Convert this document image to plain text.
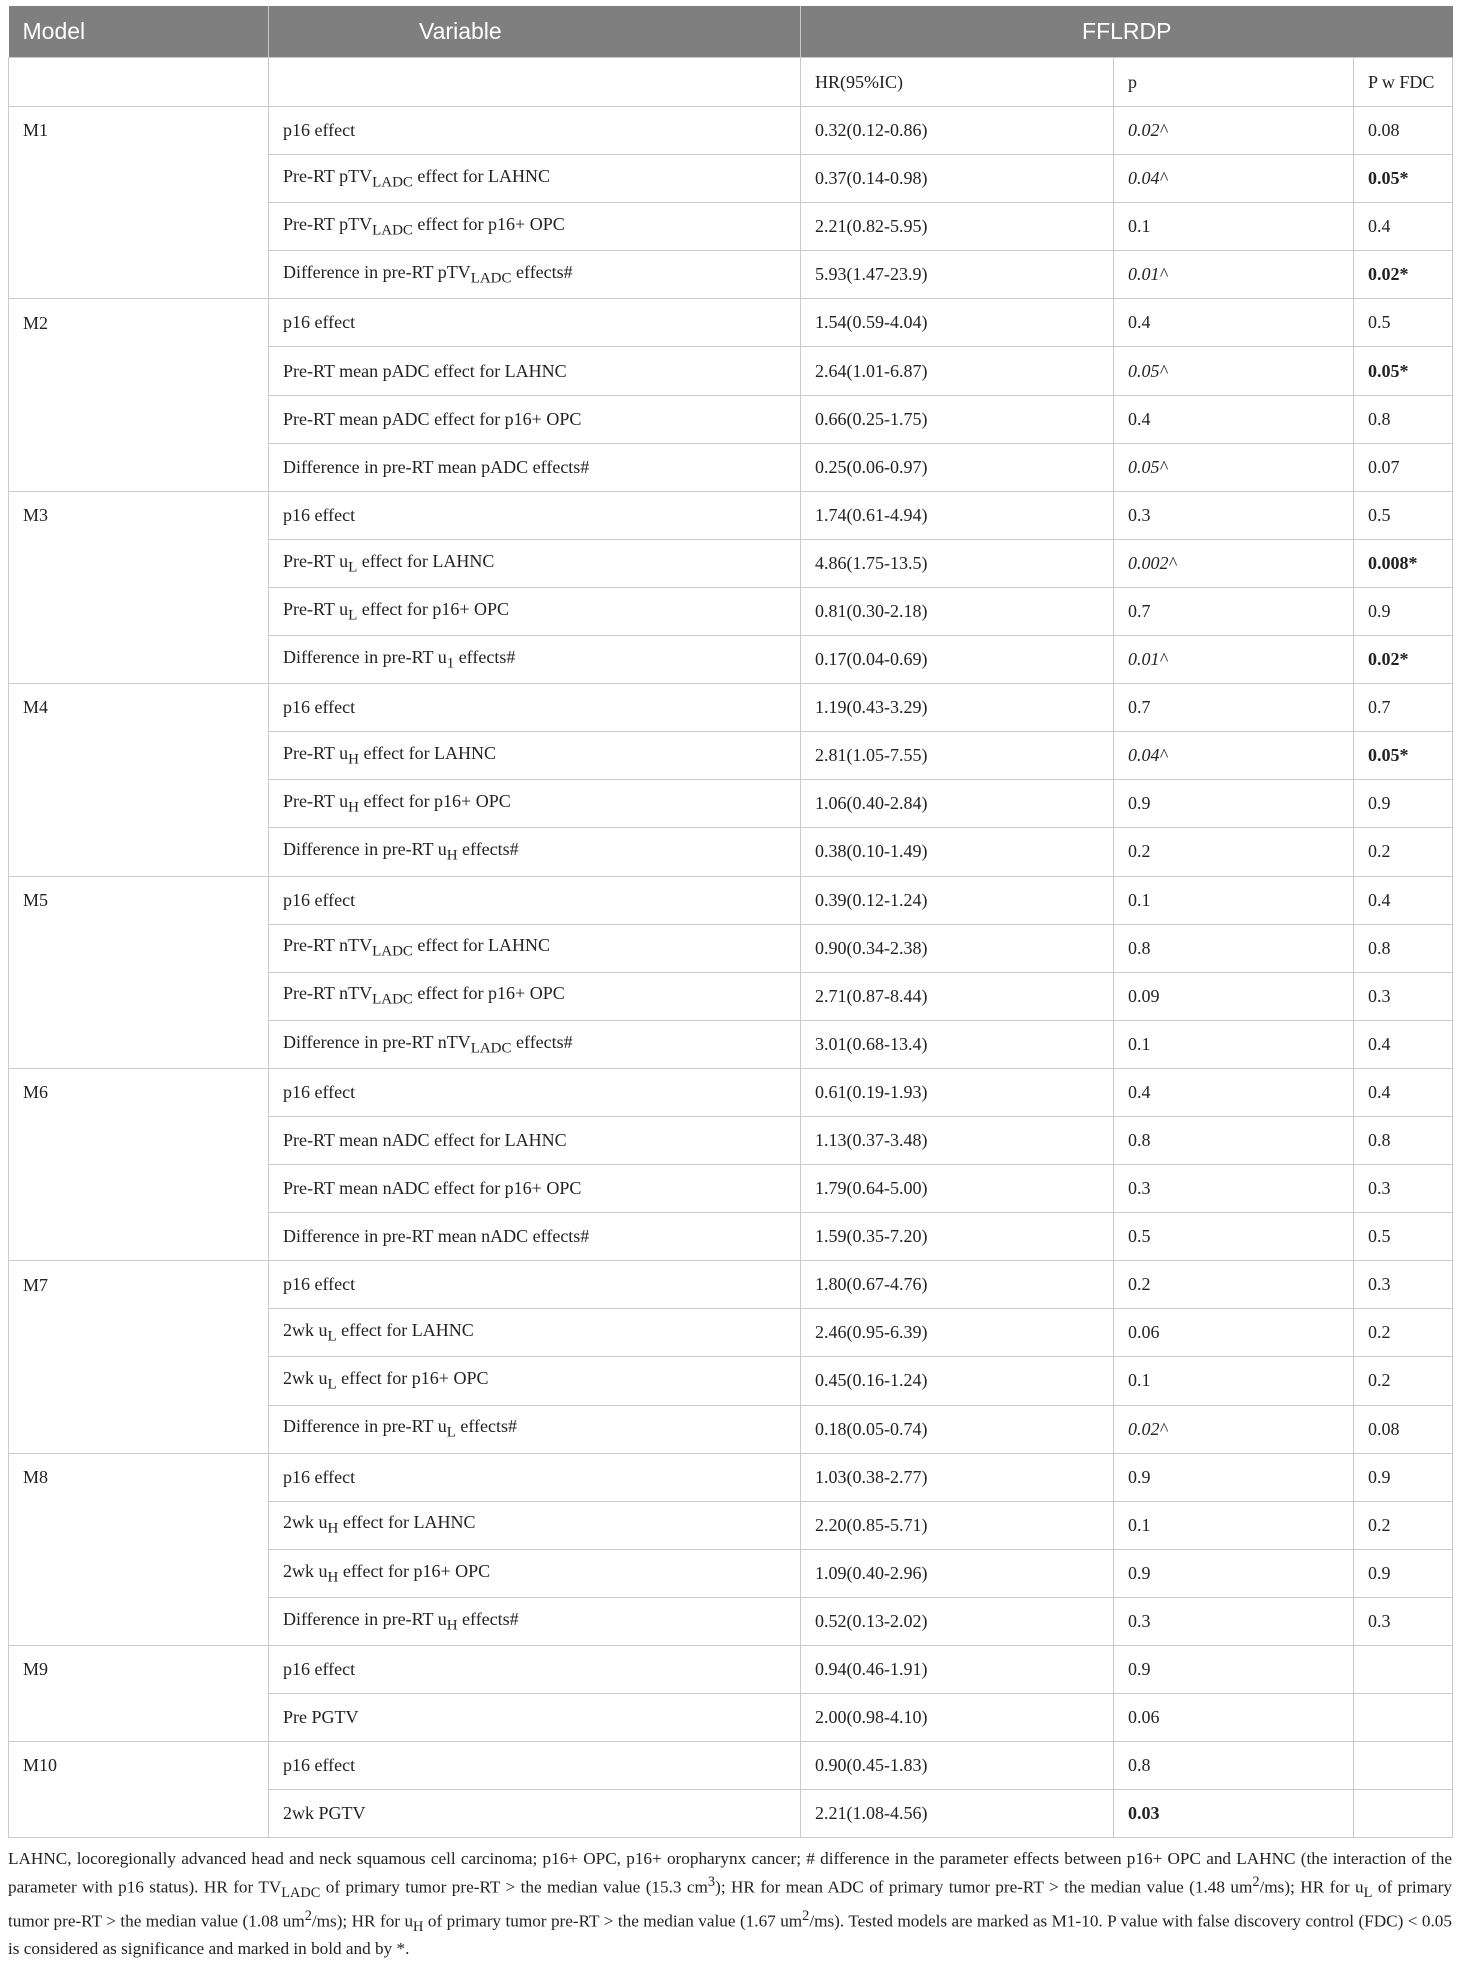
Model	Variable	FFLRDP		
		HR(95%IC)	p	P w FDC
M1	p16 effect	0.32(0.12-0.86)	0.02^	0.08
	Pre-RT pTV$_{LADC}$ effect for LAHNC	0.37(0.14-0.98)	0.04^	0.05*
	Pre-RT pTV$_{LADC}$ effect for p16+ OPC	2.21(0.82-5.95)	0.1	0.4
	Difference in pre-RT pTV$_{LADC}$ effects#	5.93(1.47-23.9)	0.01^	0.02*
M2	p16 effect	1.54(0.59-4.04)	0.4	0.5
	Pre-RT mean pADC effect for LAHNC	2.64(1.01-6.87)	0.05^	0.05*
	Pre-RT mean pADC effect for p16+ OPC	0.66(0.25-1.75)	0.4	0.8
	Difference in pre-RT mean pADC effects#	0.25(0.06-0.97)	0.05^	0.07
M3	p16 effect	1.74(0.61-4.94)	0.3	0.5
	Pre-RT $u_L$ effect for LAHNC	4.86(1.75-13.5)	0.002^	0.008*
	Pre-RT $u_L$ effect for p16+ OPC	0.81(0.30-2.18)	0.7	0.9
	Difference in pre-RT $u_1$ effects#	0.17(0.04-0.69)	0.01^	0.02*
M4	p16 effect	1.19(0.43-3.29)	0.7	0.7
	Pre-RT $u_H$ effect for LAHNC	2.81(1.05-7.55)	0.04^	0.05*
	Pre-RT $u_H$ effect for p16+ OPC	1.06(0.40-2.84)	0.9	0.9
	Difference in pre-RT $u_H$ effects#	0.38(0.10-1.49)	0.2	0.2
M5	p16 effect	0.39(0.12-1.24)	0.1	0.4
	Pre-RT nTV$_{LADC}$ effect for LAHNC	0.90(0.34-2.38)	0.8	0.8
	Pre-RT nTV$_{LADC}$ effect for p16+ OPC	2.71(0.87-8.44)	0.09	0.3
	Difference in pre-RT nTV$_{LADC}$ effects#	3.01(0.68-13.4)	0.1	0.4
M6	p16 effect	0.61(0.19-1.93)	0.4	0.4
	Pre-RT mean nADC effect for LAHNC	1.13(0.37-3.48)	0.8	0.8
	Pre-RT mean nADC effect for p16+ OPC	1.79(0.64-5.00)	0.3	0.3
	Difference in pre-RT mean nADC effects#	1.59(0.35-7.20)	0.5	0.5
M7	p16 effect	1.80(0.67-4.76)	0.2	0.3
	2wk $u_L$ effect for LAHNC	2.46(0.95-6.39)	0.06	0.2
	2wk $u_L$ effect for p16+ OPC	0.45(0.16-1.24)	0.1	0.2
	Difference in pre-RT $u_L$ effects#	0.18(0.05-0.74)	0.02^	0.08
M8	p16 effect	1.03(0.38-2.77)	0.9	0.9
	2wk $u_H$ effect for LAHNC	2.20(0.85-5.71)	0.1	0.2
	2wk $u_H$ effect for p16+ OPC	1.09(0.40-2.96)	0.9	0.9
	Difference in pre-RT $u_H$ effects#	0.52(0.13-2.02)	0.3	0.3
M9	p16 effect	0.94(0.46-1.91)	0.9	
	Pre PGTV	2.00(0.98-4.10)	0.06	
M10	p16 effect	0.90(0.45-1.83)	0.8	
	2wk PGTV	2.21(1.08-4.56)	0.03	
LAHNC, locoregionally advanced head and neck squamous cell carcinoma; p16+ OPC, p16+ oropharynx cancer; # difference in the parameter effects between p16+ OPC and LAHNC (the interaction of the parameter with p16 status). HR for $TV_{LADC}$ of primary tumor pre-RT > the median value (15.3 $cm^3$); HR for mean ADC of primary tumor pre-RT > the median value (1.48 $um^2/ms$); HR for $u_L$ of primary tumor pre-RT > the median value (1.08 $um^2/ms$); HR for $u_H$ of primary tumor pre-RT > the median value (1.67 $um^2/ms$). Tested models are marked as M1-10. P value with false discovery control (FDC) < 0.05 is considered as significance and marked in bold and by *.
